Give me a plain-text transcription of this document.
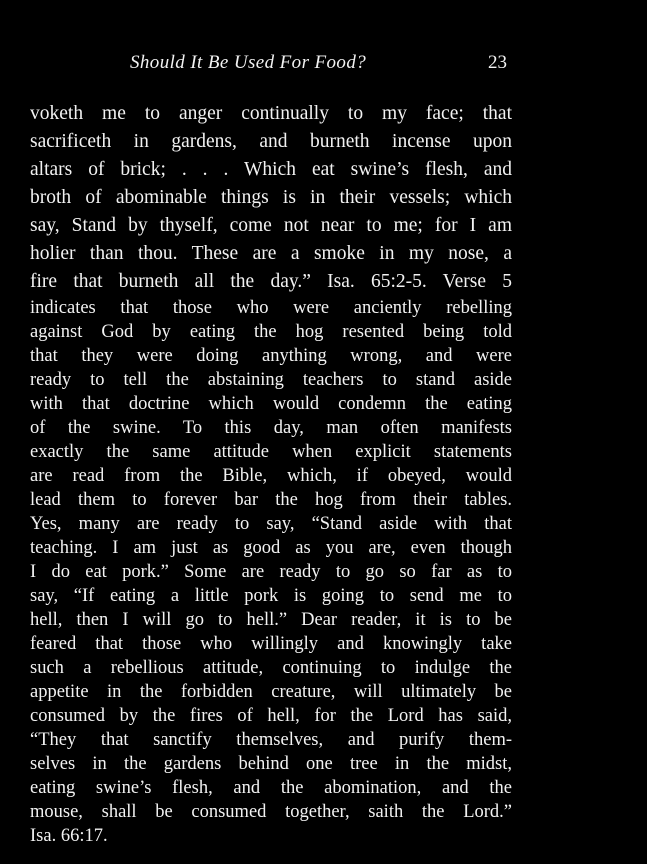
Should It Be Used For Food?	23
voketh me to anger continually to my face; that
sacrificeth in gardens, and burneth incense upon
altars of brick; . . . Which eat swine’s flesh, and
broth of abominable things is in their vessels; which
say, Stand by thyself, come not near to me; for I am
holier than thou. These are a smoke in my nose, a
fire that burneth all the day.” Isa. 65:2-5. Verse 5
indicates that those who were anciently rebelling
against God by eating the hog resented being told
that they were doing anything wrong, and were
ready to tell the abstaining teachers to stand aside
with that doctrine which would condemn the eating
of the swine. To this day, man often manifests
exactly the same attitude when explicit statements
are read from the Bible, which, if obeyed, would
lead them to forever bar the hog from their tables.
Yes, many are ready to say, “Stand aside with that
teaching. I am just as good as you are, even though
I do eat pork.” Some are ready to go so far as to
say, “If eating a little pork is going to send me to
hell, then I will go to hell.” Dear reader, it is to be
feared that those who willingly and knowingly take
such a rebellious attitude, continuing to indulge the
appetite in the forbidden creature, will ultimately be
consumed by the fires of hell, for the Lord has said,
“They that sanctify themselves, and purify them-
selves in the gardens behind one tree in the midst,
eating swine’s flesh, and the abomination, and the
mouse, shall be consumed together, saith the Lord.”
Isa. 66:17.
